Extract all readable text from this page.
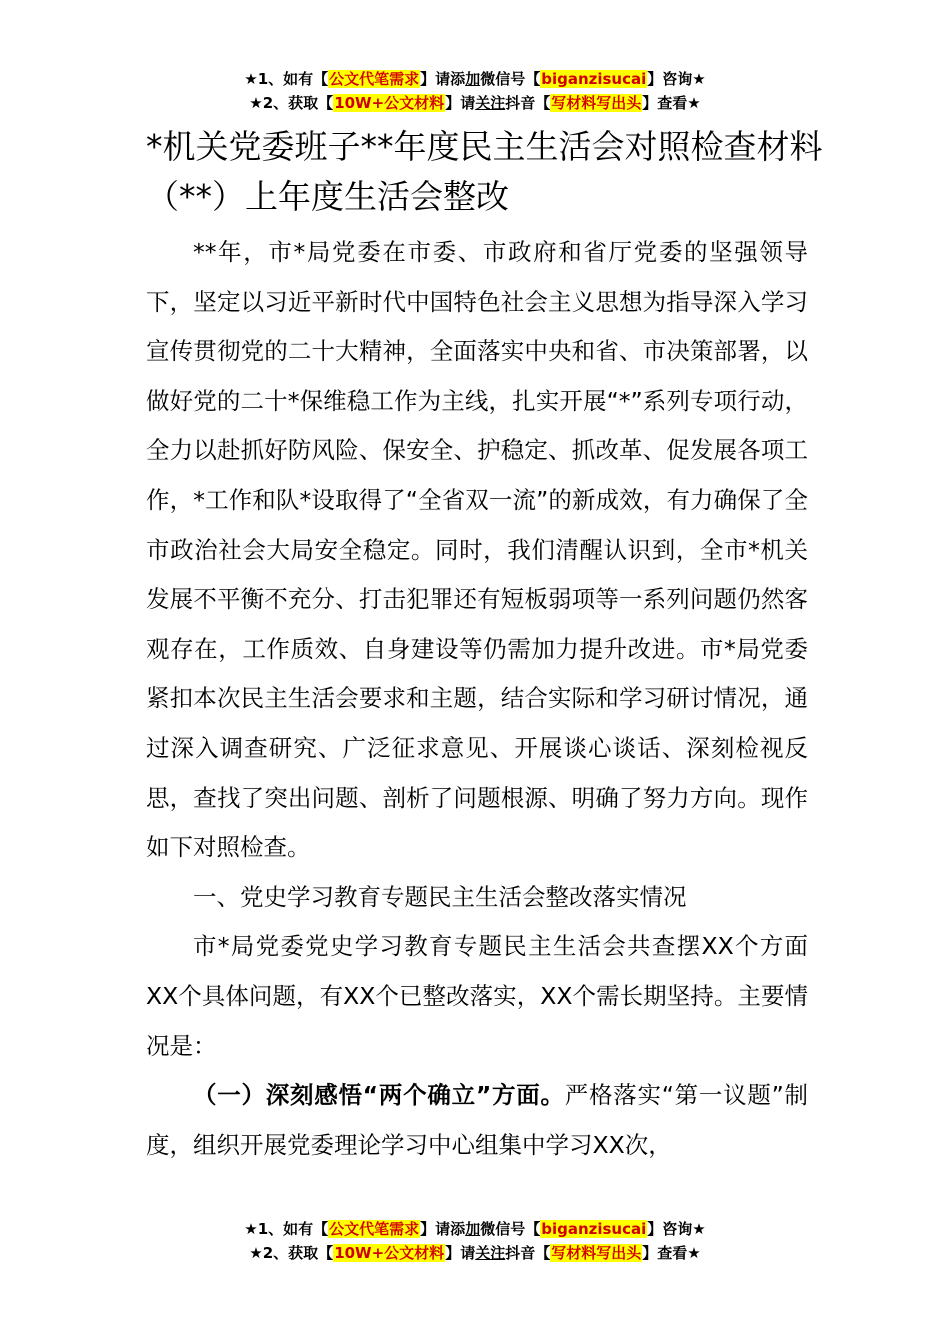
★1、如有【公文代笔需求】请添加微信号【biganzisucai】咨询★
★2、获取【10W+公文材料】请关注抖音【写材料写出头】查看★
*机关党委班子**年度民主生活会对照检查材料（**）上年度生活会整改

**年，市*局党委在市委、市政府和省厅党委的坚强领导下，坚定以习近平新时代中国特色社会主义思想为指导深入学习宣传贯彻党的二十大精神，全面落实中央和省、市决策部署，以做好党的二十*保维稳工作为主线，扎实开展“*”系列专项行动，全力以赴抓好防风险、保安全、护稳定、抓改革、促发展各项工作，*工作和队*设取得了“全省双一流”的新成效，有力确保了全市政治社会大局安全稳定。同时，我们清醒认识到，全市*机关发展不平衡不充分、打击犯罪还有短板弱项等一系列问题仍然客观存在，工作质效、自身建设等仍需加力提升改进。市*局党委紧扣本次民主生活会要求和主题，结合实际和学习研讨情况，通过深入调查研究、广泛征求意见、开展谈心谈话、深刻检视反思，查找了突出问题、剖析了问题根源、明确了努力方向。现作如下对照检查。

一、党史学习教育专题民主生活会整改落实情况

市*局党委党史学习教育专题民主生活会共查摆XX个方面XX个具体问题，有XX个已整改落实，XX个需长期坚持。主要情况是：

（一）深刻感悟“两个确立”方面。严格落实“第一议题”制度，组织开展党委理论学习中心组集中学习XX次，

★1、如有【公文代笔需求】请添加微信号【biganzisucai】咨询★
★2、获取【10W+公文材料】请关注抖音【写材料写出头】查看★
